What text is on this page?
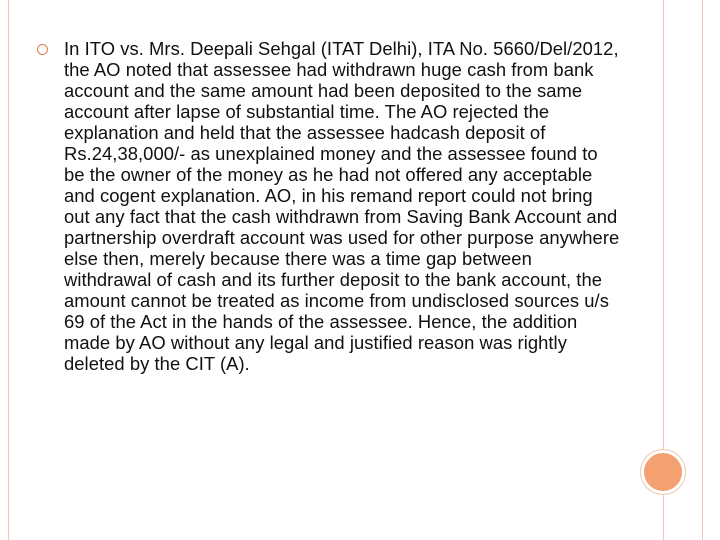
In ITO vs. Mrs. Deepali Sehgal (ITAT Delhi), ITA No. 5660/Del/2012, the AO noted that assessee had withdrawn huge cash from bank account and the same amount had been deposited to the same account after lapse of substantial time. The AO rejected the explanation and held that the assessee hadcash deposit of Rs.24,38,000/- as unexplained money and the assessee found to be the owner of the money as he had not offered any acceptable and cogent explanation. AO, in his remand report could not bring out any fact that the cash withdrawn from Saving Bank Account and partnership overdraft account was used for other purpose anywhere else then, merely because there was a time gap between withdrawal of cash and its further deposit to the bank account, the amount cannot be treated as income from undisclosed sources u/s 69 of the Act in the hands of the assessee. Hence, the addition made by AO without any legal and justified reason was rightly deleted by the CIT (A).
